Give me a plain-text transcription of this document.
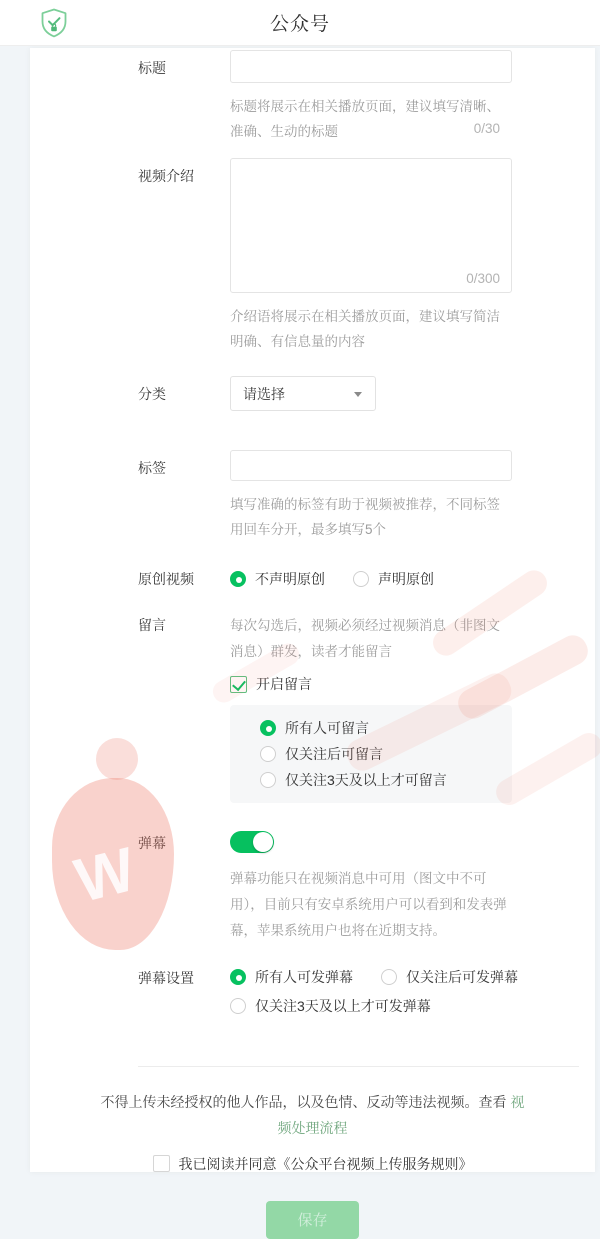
公众号
W
标题
0/30
标题将展示在相关播放页面，建议填写清晰、准确、生动的标题
视频介绍
0/300
介绍语将展示在相关播放页面，建议填写简洁明确、有信息量的内容
分类	请选择
标签
填写准确的标签有助于视频被推荐，不同标签用回车分开，最多填写5个
原创视频	不声明原创	声明原创
留言	每次勾选后，视频必须经过视频消息（非图文消息）群发，读者才能留言
开启留言
所有人可留言
仅关注后可留言
仅关注3天及以上才可留言
弹幕
弹幕功能只在视频消息中可用（图文中不可用），目前只有安卓系统用户可以看到和发表弹幕，苹果系统用户也将在近期支持。
弹幕设置	所有人可发弹幕	仅关注后可发弹幕
仅关注3天及以上才可发弹幕
不得上传未经授权的他人作品，以及色情、反动等违法视频。查看 视频处理流程
我已阅读并同意《公众平台视频上传服务规则》
保存
